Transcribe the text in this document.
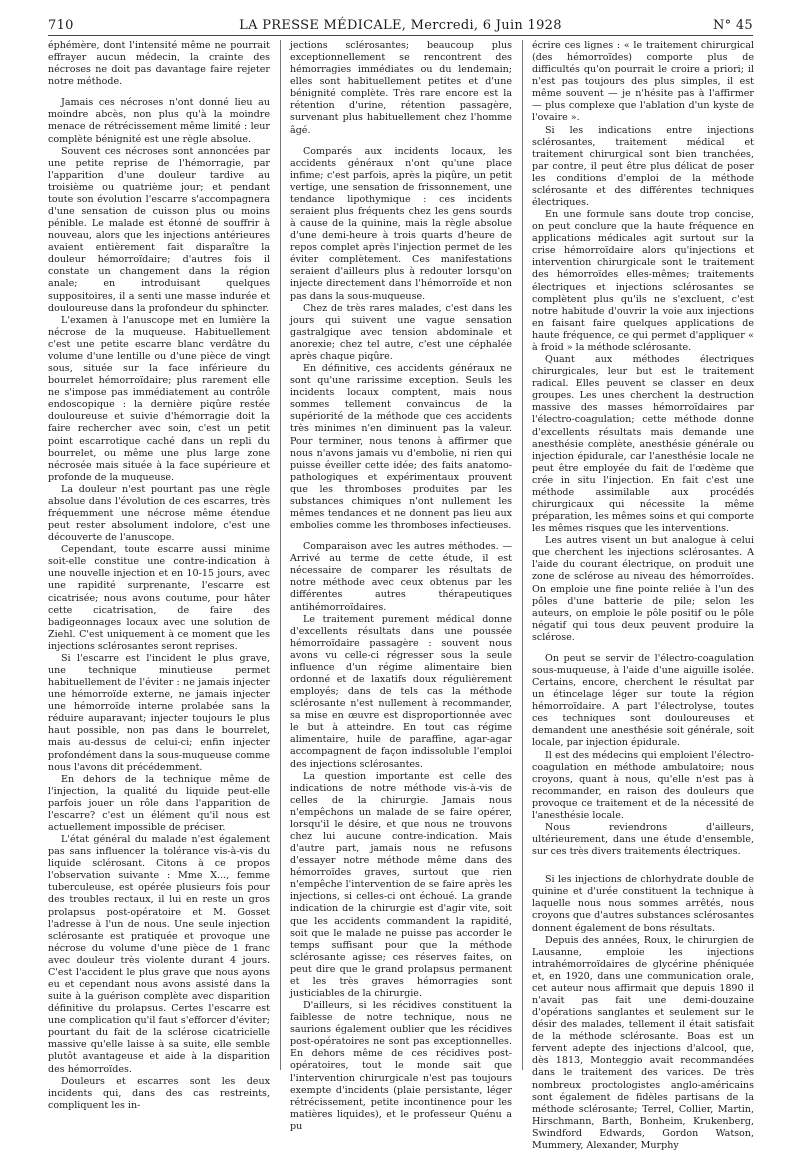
710	LA PRESSE MÉDICALE, Mercredi, 6 Juin 1928	N° 45

éphémère, dont l'intensité même ne pourrait effrayer aucun médecin, la crainte des nécroses ne doit pas davantage faire rejeter notre méthode.

Jamais ces nécroses n'ont donné lieu au moindre abcès, non plus qu'à la moindre menace de rétrécissement même limité : leur complète bénignité est une règle absolue.

Souvent ces nécroses sont annoncées par une petite reprise de l'hémorragie, par l'apparition d'une douleur tardive au troisième ou quatrième jour; et pendant toute son évolution l'escarre s'accompagnera d'une sensation de cuisson plus ou moins pénible. Le malade est étonné de souffrir à nouveau, alors que les injections antérieures avaient entièrement fait disparaître la douleur hémorroïdaire; d'autres fois il constate un changement dans la région anale; en introduisant quelques suppositoires, il a senti une masse indurée et douloureuse dans la profondeur du sphincter.

L'examen à l'anuscope met en lumière la nécrose de la muqueuse. Habituellement c'est une petite escarre blanc verdâtre du volume d'une lentille ou d'une pièce de vingt sous, située sur la face inférieure du bourrelet hémorroïdaire; plus rarement elle ne s'impose pas immédiatement au contrôle endoscopique : la dernière piqûre restée douloureuse et suivie d'hémorragie doit la faire rechercher avec soin, c'est un petit point escarrotique caché dans un repli du bourrelet, ou même une plus large zone nécrosée mais située à la face supérieure et profonde de la muqueuse.

La douleur n'est pourtant pas une règle absolue dans l'évolution de ces escarres, très fréquemment une nécrose même étendue peut rester absolument indolore, c'est une découverte de l'anuscope.

Cependant, toute escarre aussi minime soit-elle constitue une contre-indication à une nouvelle injection et en 10-15 jours, avec une rapidité surprenante, l'escarre est cicatrisée; nous avons coutume, pour hâter cette cicatrisation, de faire des badigeonnages locaux avec une solution de Ziehl. C'est uniquement à ce moment que les injections sclérosantes seront reprises.

Si l'escarre est l'incident le plus grave, une technique minutieuse permet habituellement de l'éviter : ne jamais injecter une hémorroïde externe, ne jamais injecter une hémorroïde interne prolabée sans la réduire auparavant; injecter toujours le plus haut possible, non pas dans le bourrelet, mais au-dessus de celui-ci; enfin injecter profondément dans la sous-muqueuse comme nous l'avons dit précédemment.

En dehors de la technique même de l'injection, la qualité du liquide peut-elle parfois jouer un rôle dans l'apparition de l'escarre? c'est un élément qu'il nous est actuellement impossible de préciser.

L'état général du malade n'est également pas sans influencer la tolérance vis-à-vis du liquide sclérosant. Citons à ce propos l'observation suivante : Mme X..., femme tuberculeuse, est opérée plusieurs fois pour des troubles rectaux, il lui en reste un gros prolapsus post-opératoire et M. Gosset l'adresse à l'un de nous. Une seule injection sclérosante est pratiquée et provoque une nécrose du volume d'une pièce de 1 franc avec douleur très violente durant 4 jours. C'est l'accident le plus grave que nous ayons eu et cependant nous avons assisté dans la suite à la guérison complète avec disparition définitive du prolapsus. Certes l'escarre est une complication qu'il faut s'efforcer d'éviter; pourtant du fait de la sclérose cicatricielle massive qu'elle laisse à sa suite, elle semble plutôt avantageuse et aide à la disparition des hémorroïdes.

Douleurs et escarres sont les deux incidents qui, dans des cas restreints, compliquent les in-

jections sclérosantes; beaucoup plus exceptionnellement se rencontrent des hémorragies immédiates ou du lendemain; elles sont habituellement petites et d'une bénignité complète. Très rare encore est la rétention d'urine, rétention passagère, survenant plus habituellement chez l'homme âgé.

Comparés aux incidents locaux, les accidents généraux n'ont qu'une place infime; c'est parfois, après la piqûre, un petit vertige, une sensation de frissonnement, une tendance lipothymique : ces incidents seraient plus fréquents chez les gens sourds à cause de la quinine, mais la règle absolue d'une demi-heure à trois quarts d'heure de repos complet après l'injection permet de les éviter complètement. Ces manifestations seraient d'ailleurs plus à redouter lorsqu'on injecte directement dans l'hémorroïde et non pas dans la sous-muqueuse.

Chez de très rares malades, c'est dans les jours qui suivent une vague sensation gastralgique avec tension abdominale et anorexie; chez tel autre, c'est une céphalée après chaque piqûre.

En définitive, ces accidents généraux ne sont qu'une rarissime exception. Seuls les incidents locaux comptent, mais nous sommes tellement convaincus de la supériorité de la méthode que ces accidents très minimes n'en diminuent pas la valeur. Pour terminer, nous tenons à affirmer que nous n'avons jamais vu d'embolie, ni rien qui puisse éveiller cette idée; des faits anatomo-pathologiques et expérimentaux prouvent que les thromboses produites par les substances chimiques n'ont nullement les mêmes tendances et ne donnent pas lieu aux embolies comme les thromboses infectieuses.

Comparaison avec les autres méthodes. — Arrivé au terme de cette étude, il est nécessaire de comparer les résultats de notre méthode avec ceux obtenus par les différentes autres thérapeutiques antihémorroïdaires.

Le traitement purement médical donne d'excellents résultats dans une poussée hémorroïdaire passagère : souvent nous avons vu celle-ci régresser sous la seule influence d'un régime alimentaire bien ordonné et de laxatifs doux régulièrement employés; dans de tels cas la méthode sclérosante n'est nullement à recommander, sa mise en œuvre est disproportionnée avec le but à atteindre. En tout cas régime alimentaire, huile de paraffine, agar-agar accompagnent de façon indissoluble l'emploi des injections sclérosantes.

La question importante est celle des indications de notre méthode vis-à-vis de celles de la chirurgie. Jamais nous n'empêchons un malade de se faire opérer, lorsqu'il le désire, et que nous ne trouvons chez lui aucune contre-indication. Mais d'autre part, jamais nous ne refusons d'essayer notre méthode même dans des hémorroïdes graves, surtout que rien n'empêche l'intervention de se faire après les injections, si celles-ci ont échoué. La grande indication de la chirurgie est d'agir vite, soit que les accidents commandent la rapidité, soit que le malade ne puisse pas accorder le temps suffisant pour que la méthode sclérosante agisse; ces réserves faites, on peut dire que le grand prolapsus permanent et les très graves hémorragies sont justiciables de la chirurgie.

D'ailleurs, si les récidives constituent la faiblesse de notre technique, nous ne saurions également oublier que les récidives post-opératoires ne sont pas exceptionnelles. En dehors même de ces récidives post-opératoires, tout le monde sait que l'intervention chirurgicale n'est pas toujours exempte d'incidents (plaie persistante, léger rétrécissement, petite incontinence pour les matières liquides), et le professeur Quénu a pu

écrire ces lignes : « le traitement chirurgical (des hémorroïdes) comporte plus de difficultés qu'on pourrait le croire a priori; il n'est pas toujours des plus simples, il est même souvent — je n'hésite pas à l'affirmer — plus complexe que l'ablation d'un kyste de l'ovaire ».

Si les indications entre injections sclérosantes, traitement médical et traitement chirurgical sont bien tranchées, par contre, il peut être plus délicat de poser les conditions d'emploi de la méthode sclérosante et des différentes techniques électriques.

En une formule sans doute trop concise, on peut conclure que la haute fréquence en applications médicales agit surtout sur la crise hémorroïdaire alors qu'injections et intervention chirurgicale sont le traitement des hémorroïdes elles-mêmes; traitements électriques et injections sclérosantes se complètent plus qu'ils ne s'excluent, c'est notre habitude d'ouvrir la voie aux injections en faisant faire quelques applications de haute fréquence, ce qui permet d'appliquer « à froid » la méthode sclérosante.

Quant aux méthodes électriques chirurgicales, leur but est le traitement radical. Elles peuvent se classer en deux groupes. Les unes cherchent la destruction massive des masses hémorroïdaires par l'électro-coagulation; cette méthode donne d'excellents résultats mais demande une anesthésie complète, anesthésie générale ou injection épidurale, car l'anesthésie locale ne peut être employée du fait de l'œdème que crée in situ l'injection. En fait c'est une méthode assimilable aux procédés chirurgicaux qui nécessite la même préparation, les mêmes soins et qui comporte les mêmes risques que les interventions.

Les autres visent un but analogue à celui que cherchent les injections sclérosantes. A l'aide du courant électrique, on produit une zone de sclérose au niveau des hémorroïdes. On emploie une fine pointe reliée à l'un des pôles d'une batterie de pile; selon les auteurs, on emploie le pôle positif ou le pôle négatif qui tous deux peuvent produire la sclérose.

On peut se servir de l'électro-coagulation sous-muqueuse, à l'aide d'une aiguille isolée. Certains, encore, cherchent le résultat par un étincelage léger sur toute la région hémorroïdaire. A part l'électrolyse, toutes ces techniques sont douloureuses et demandent une anesthésie soit générale, soit locale, par injection épidurale.

Il est des médecins qui emploient l'électro-coagulation en méthode ambulatoire; nous croyons, quant à nous, qu'elle n'est pas à recommander, en raison des douleurs que provoque ce traitement et de la nécessité de l'anesthésie locale.

Nous reviendrons d'ailleurs, ultérieurement, dans une étude d'ensemble, sur ces très divers traitements électriques.

Si les injections de chlorhydrate double de quinine et d'urée constituent la technique à laquelle nous nous sommes arrêtés, nous croyons que d'autres substances sclérosantes donnent également de bons résultats.

Depuis des années, Roux, le chirurgien de Lausanne, emploie les injections intrahémorroïdaires de glycérine phéniquée et, en 1920, dans une communication orale, cet auteur nous affirmait que depuis 1890 il n'avait pas fait une demi-douzaine d'opérations sanglantes et seulement sur le désir des malades, tellement il était satisfait de la méthode sclérosante. Boas est un fervent adepte des injections d'alcool, que, dès 1813, Monteggio avait recommandées dans le traitement des varices. De très nombreux proctologistes anglo-américains sont également de fidèles partisans de la méthode sclérosante; Terrel, Collier, Martin, Hirschmann, Barth, Bonheim, Krukenberg, Swindford Edwards, Gordon Watson, Mummery, Alexander, Murphy
